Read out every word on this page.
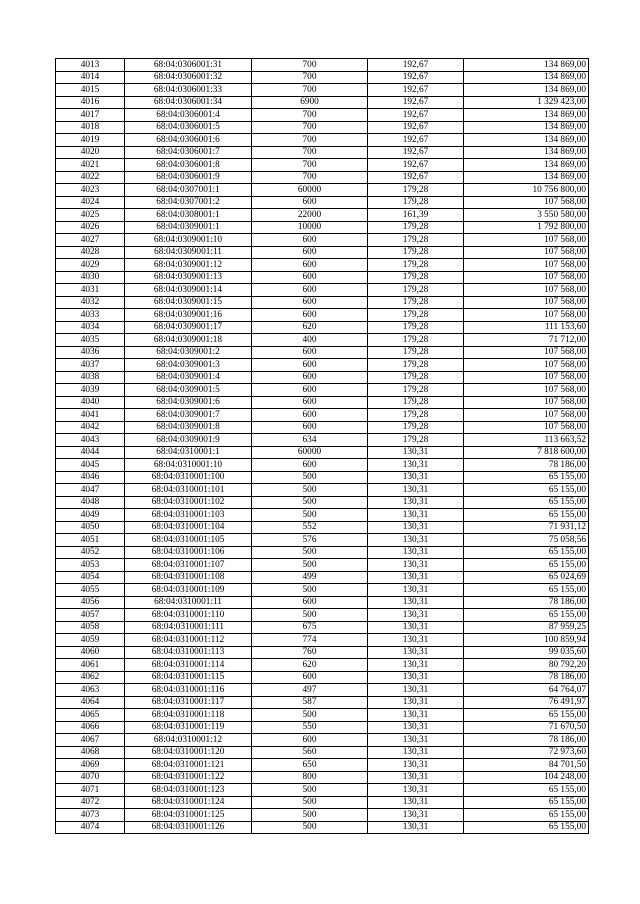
4013	68:04:0306001:31	700	192,67	134 869,00
4014	68:04:0306001:32	700	192,67	134 869,00
4015	68:04:0306001:33	700	192,67	134 869,00
4016	68:04:0306001:34	6900	192,67	1 329 423,00
4017	68:04:0306001:4	700	192,67	134 869,00
4018	68:04:0306001:5	700	192,67	134 869,00
4019	68:04:0306001:6	700	192,67	134 869,00
4020	68:04:0306001:7	700	192,67	134 869,00
4021	68:04:0306001:8	700	192,67	134 869,00
4022	68:04:0306001:9	700	192,67	134 869,00
4023	68:04:0307001:1	60000	179,28	10 756 800,00
4024	68:04:0307001:2	600	179,28	107 568,00
4025	68:04:0308001:1	22000	161,39	3 550 580,00
4026	68:04:0309001:1	10000	179,28	1 792 800,00
4027	68:04:0309001:10	600	179,28	107 568,00
4028	68:04:0309001:11	600	179,28	107 568,00
4029	68:04:0309001:12	600	179,28	107 568,00
4030	68:04:0309001:13	600	179,28	107 568,00
4031	68:04:0309001:14	600	179,28	107 568,00
4032	68:04:0309001:15	600	179,28	107 568,00
4033	68:04:0309001:16	600	179,28	107 568,00
4034	68:04:0309001:17	620	179,28	111 153,60
4035	68:04:0309001:18	400	179,28	71 712,00
4036	68:04:0309001:2	600	179,28	107 568,00
4037	68:04:0309001:3	600	179,28	107 568,00
4038	68:04:0309001:4	600	179,28	107 568,00
4039	68:04:0309001:5	600	179,28	107 568,00
4040	68:04:0309001:6	600	179,28	107 568,00
4041	68:04:0309001:7	600	179,28	107 568,00
4042	68:04:0309001:8	600	179,28	107 568,00
4043	68:04:0309001:9	634	179,28	113 663,52
4044	68:04:0310001:1	60000	130,31	7 818 600,00
4045	68:04:0310001:10	600	130,31	78 186,00
4046	68:04:0310001:100	500	130,31	65 155,00
4047	68:04:0310001:101	500	130,31	65 155,00
4048	68:04:0310001:102	500	130,31	65 155,00
4049	68:04:0310001:103	500	130,31	65 155,00
4050	68:04:0310001:104	552	130,31	71 931,12
4051	68:04:0310001:105	576	130,31	75 058,56
4052	68:04:0310001:106	500	130,31	65 155,00
4053	68:04:0310001:107	500	130,31	65 155,00
4054	68:04:0310001:108	499	130,31	65 024,69
4055	68:04:0310001:109	500	130,31	65 155,00
4056	68:04:0310001:11	600	130,31	78 186,00
4057	68:04:0310001:110	500	130,31	65 155,00
4058	68:04:0310001:111	675	130,31	87 959,25
4059	68:04:0310001:112	774	130,31	100 859,94
4060	68:04:0310001:113	760	130,31	99 035,60
4061	68:04:0310001:114	620	130,31	80 792,20
4062	68:04:0310001:115	600	130,31	78 186,00
4063	68:04:0310001:116	497	130,31	64 764,07
4064	68:04:0310001:117	587	130,31	76 491,97
4065	68:04:0310001:118	500	130,31	65 155,00
4066	68:04:0310001:119	550	130,31	71 670,50
4067	68:04:0310001:12	600	130,31	78 186,00
4068	68:04:0310001:120	560	130,31	72 973,60
4069	68:04:0310001:121	650	130,31	84 701,50
4070	68:04:0310001:122	800	130,31	104 248,00
4071	68:04:0310001:123	500	130,31	65 155,00
4072	68:04:0310001:124	500	130,31	65 155,00
4073	68:04:0310001:125	500	130,31	65 155,00
4074	68:04:0310001:126	500	130,31	65 155,00
